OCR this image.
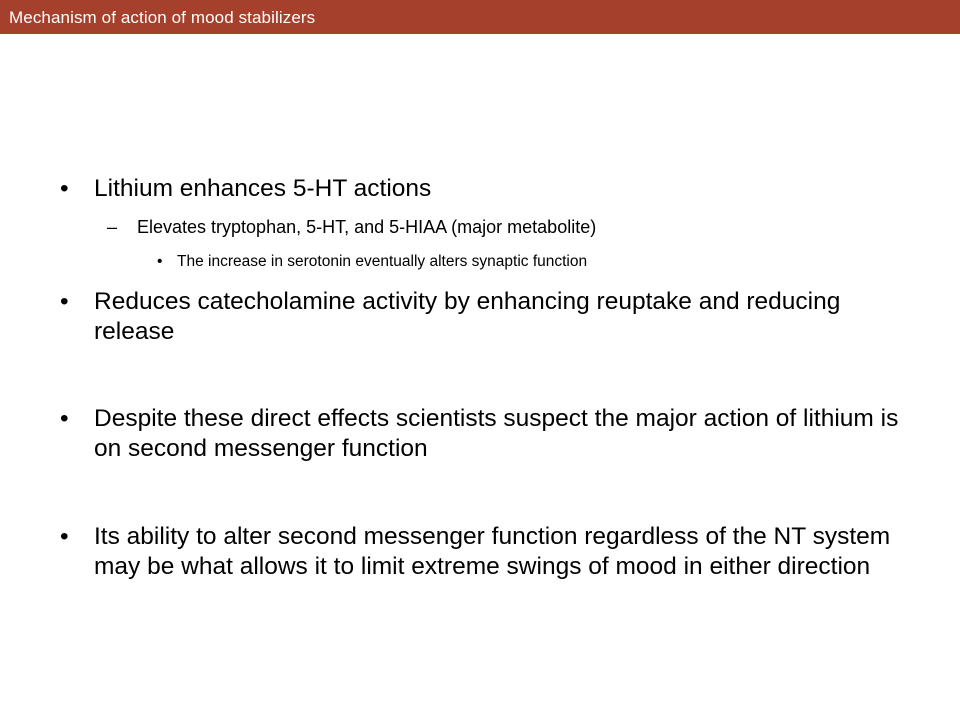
Mechanism of action of mood stabilizers
•	Lithium enhances 5-HT actions
–	Elevates tryptophan, 5-HT, and 5-HIAA (major metabolite)
• The increase in serotonin eventually alters synaptic function
•	Reduces catecholamine activity by enhancing reuptake and reducing release
•	Despite these direct effects scientists suspect the major action of lithium is on second messenger function
•	Its ability to alter second messenger function regardless of the NT system may be what allows it to limit extreme swings of mood in either direction
